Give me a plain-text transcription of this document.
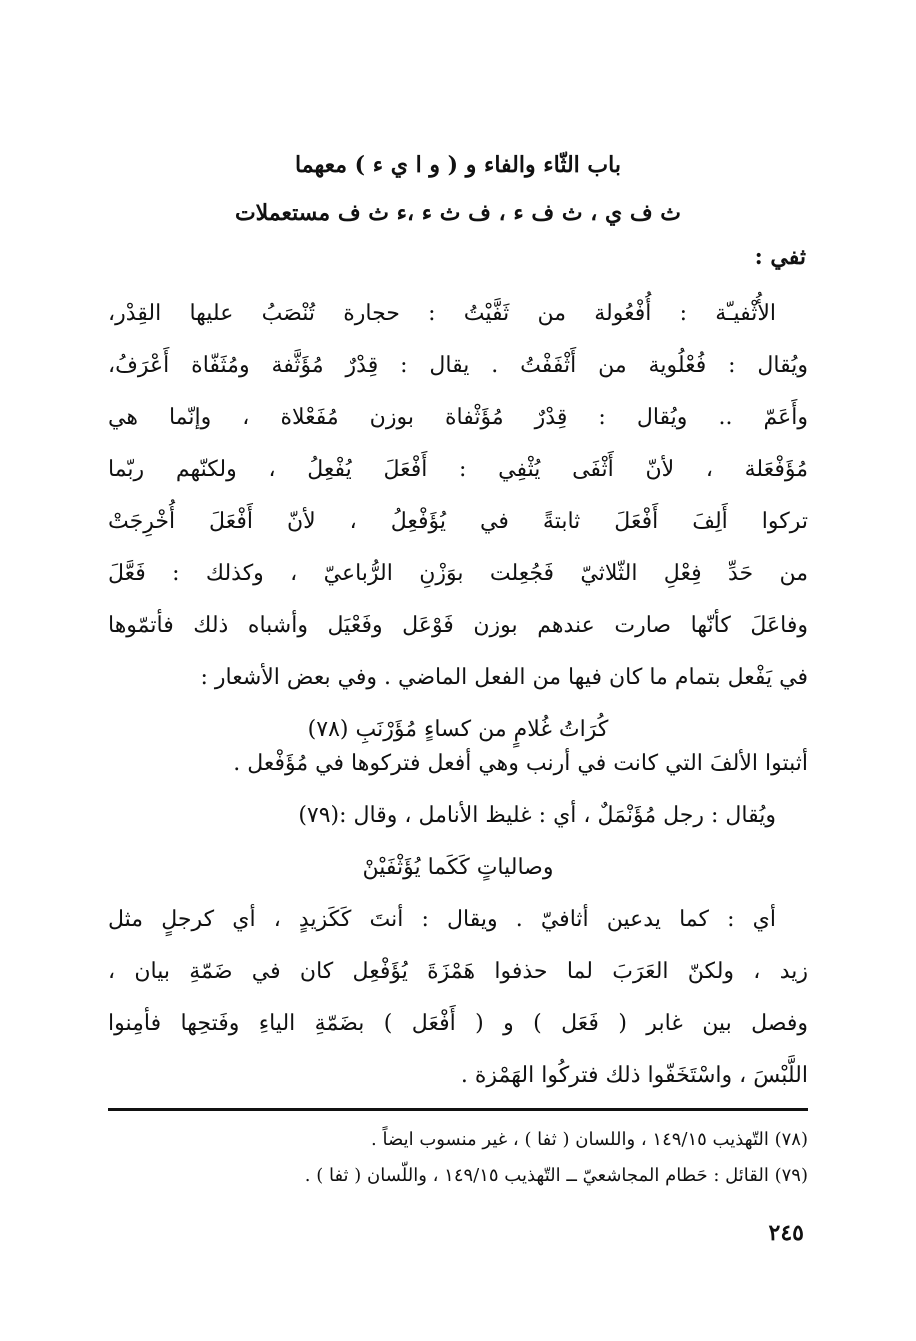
باب الثّاء والفاء و ( و ا ي ء ) معهما
ث ف ي ، ث ف ء ، ف ث ء ،ء ث ف مستعملات
ثفي :
الأُثْفيـّة : أُفْعُولة من ثَفَّيْتُ : حجارة تُنْصَبُ عليها القِدْر،
ويُقال : فُعْلُوية من أَثْفَفْتُ . يقال : قِدْرٌ مُؤَثَّفة ومُثَفّاة أَعْرَفُ،
وأَعَمّ .. ويُقال : قِدْرٌ مُؤَثْفاة بوزن مُفَعْلاة ، وإنّما هي
مُؤَفْعَلة ، لأنّ أَثْفَى يُثْفِي : أَفْعَلَ يُفْعِلُ ، ولكنّهم ربّما
تركوا أَلِفَ أَفْعَلَ ثابتةً في يُؤَفْعِلُ ، لأنّ أَفْعَلَ أُخْرِجَتْ
من حَدِّ فِعْلِ الثّلاثيّ فَجُعِلت بوَزْنِ الرُّباعيّ ، وكذلك : فَعَّلَ
وفاعَلَ كأنّها صارت عندهم بوزن فَوْعَل وفَعْيَل وأشباه ذلك فأتمّوها
في يَفْعل بتمام ما كان فيها من الفعل الماضي . وفي بعض الأشعار :
كُرَاتُ غُلامٍ من كساءٍ مُؤَرْنَبِ (٧٨)
أثبتوا الألفَ التي كانت في أرنب وهي أفعل فتركوها في مُؤَفْعل .
ويُقال : رجل مُؤَنْمَلٌ ، أي : غليظ الأنامل ، وقال :(٧٩)
وصالياتٍ كَكَما يُؤَثْفَيْنْ
أي : كما يدعين أثافيّ . ويقال : أنتَ كَكَزيدٍ ، أي كرجلٍ مثل
زيد ، ولكنّ العَرَبَ لما حذفوا هَمْزَةَ يُؤَفْعِل كان في ضَمّةِ بيان ،
وفصل بين غابر ( فَعَل ) و ( أَفْعَل ) بضَمّةِ الياءِ وفَتحِها فأمِنوا
اللَّبْسَ ، واسْتَخَفّوا ذلك فتركُوا الهَمْزة .
(٧٨) التّهذيب ١٤٩/١٥ ، واللسان ( ثفا ) ، غير منسوب ايضاً .
(٧٩) القائل : حَطام المجاشعيّ ــ التّهذيب ١٤٩/١٥ ، واللّسان ( ثفا ) .
٢٤٥
